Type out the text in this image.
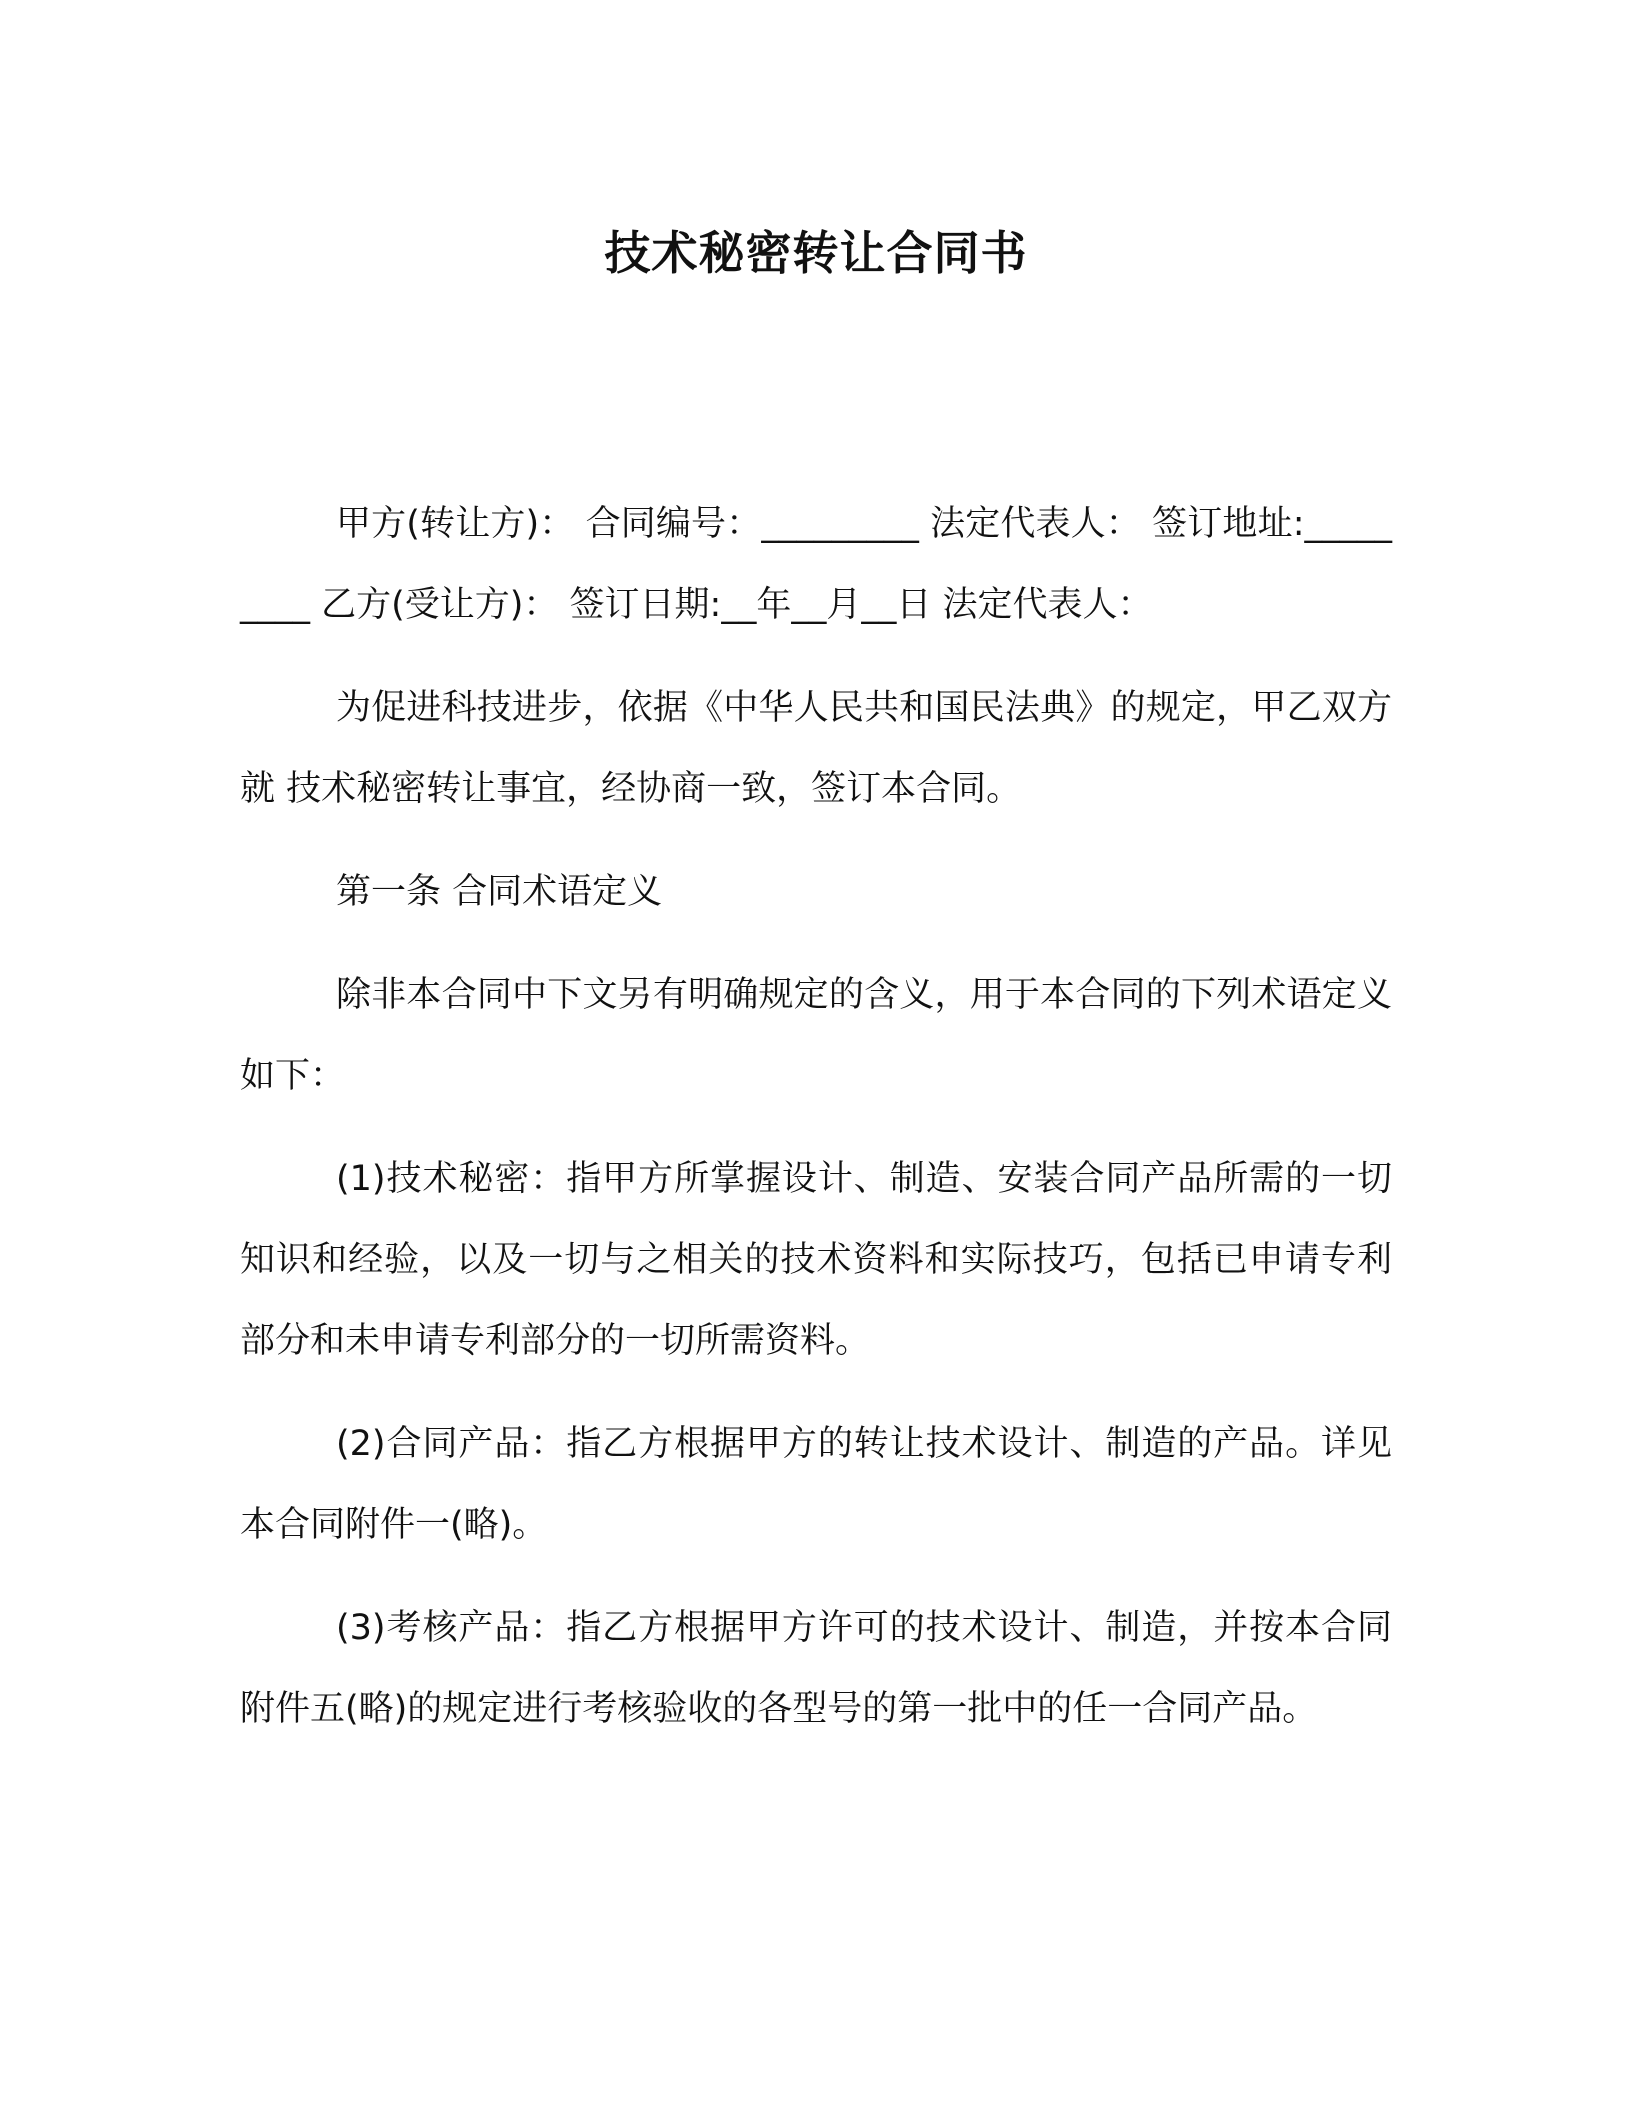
技术秘密转让合同书

甲方(转让方)： 合同编号：_________ 法定代表人： 签订地址:_________ 乙方(受让方)： 签订日期:__年__月__日 法定代表人：

为促进科技进步，依据《中华人民共和国民法典》的规定，甲乙双方就 技术秘密转让事宜，经协商一致，签订本合同。

第一条 合同术语定义

除非本合同中下文另有明确规定的含义，用于本合同的下列术语定义如下：

(1)技术秘密：指甲方所掌握设计、制造、安装合同产品所需的一切知识和经验，以及一切与之相关的技术资料和实际技巧，包括已申请专利部分和未申请专利部分的一切所需资料。

(2)合同产品：指乙方根据甲方的转让技术设计、制造的产品。详见本合同附件一(略)。

(3)考核产品：指乙方根据甲方许可的技术设计、制造，并按本合同附件五(略)的规定进行考核验收的各型号的第一批中的任一合同产品。
